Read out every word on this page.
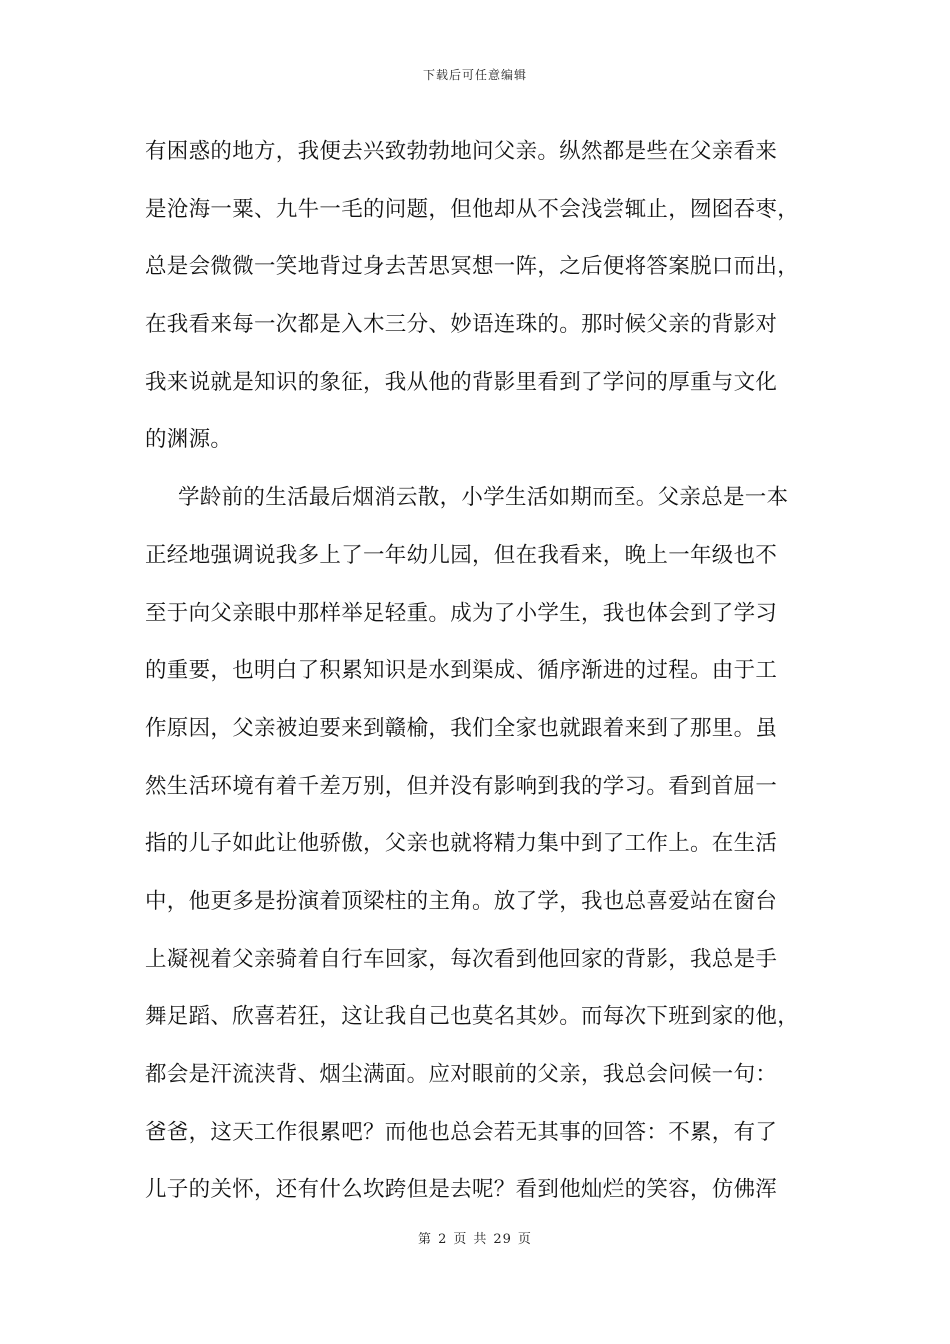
下载后可任意编辑
有困惑的地方，我便去兴致勃勃地问父亲。纵然都是些在父亲看来
是沧海一粟、九牛一毛的问题，但他却从不会浅尝辄止，囫囵吞枣，
总是会微微一笑地背过身去苦思冥想一阵，之后便将答案脱口而出，
在我看来每一次都是入木三分、妙语连珠的。那时候父亲的背影对
我来说就是知识的象征，我从他的背影里看到了学问的厚重与文化
的渊源。
学龄前的生活最后烟消云散，小学生活如期而至。父亲总是一本
正经地强调说我多上了一年幼儿园，但在我看来，晚上一年级也不
至于向父亲眼中那样举足轻重。成为了小学生，我也体会到了学习
的重要，也明白了积累知识是水到渠成、循序渐进的过程。由于工
作原因，父亲被迫要来到赣榆，我们全家也就跟着来到了那里。虽
然生活环境有着千差万别，但并没有影响到我的学习。看到首屈一
指的儿子如此让他骄傲，父亲也就将精力集中到了工作上。在生活
中，他更多是扮演着顶梁柱的主角。放了学，我也总喜爱站在窗台
上凝视着父亲骑着自行车回家，每次看到他回家的背影，我总是手
舞足蹈、欣喜若狂，这让我自己也莫名其妙。而每次下班到家的他，
都会是汗流浃背、烟尘满面。应对眼前的父亲，我总会问候一句：
爸爸，这天工作很累吧？而他也总会若无其事的回答：不累，有了
儿子的关怀，还有什么坎跨但是去呢？看到他灿烂的笑容，仿佛浑
第 2 页 共 29 页
